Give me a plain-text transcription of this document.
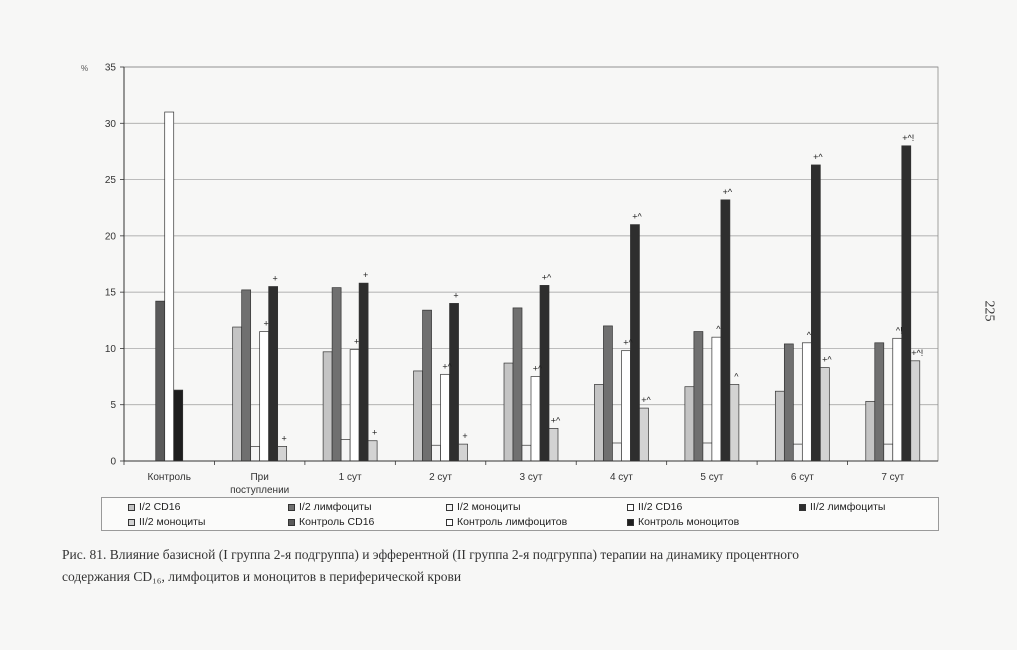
+
+
+
+
+
+
+^
+
+
+^
+^
+^
+^
+^
+^
^
+^
^
^
+^
+^
^!
+^!
+^!
0
5
10
15
20
25
30
35
Контроль	При
поступлении
1 сут	2 сут	3 сут	4 сут	5 сут	6 сут	7 сут
%
I/2 CD16	I/2 лимфоциты	I/2 моноциты	II/2 CD16	II/2 лимфоциты
II/2 моноциты	Контроль CD16	Контроль лимфоцитов	Контроль моноцитов
Рис. 81. Влияние базисной (I группа 2-я подгруппа) и эфферентной (II группа 2-я подгруппа) терапии на динамику процентного
содержания CD₁₆, лимфоцитов и моноцитов в периферической крови
225
